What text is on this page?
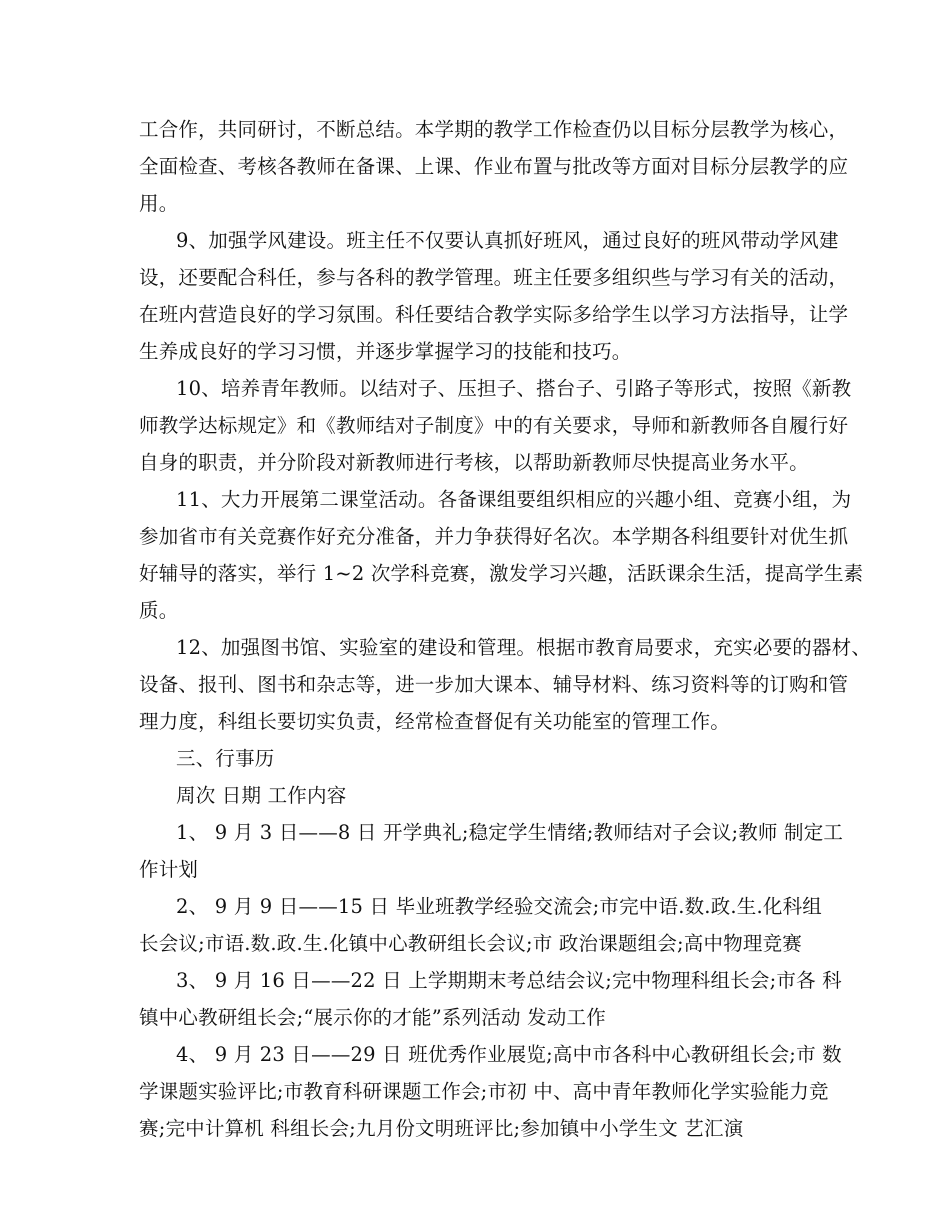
工合作，共同研讨，不断总结。本学期的教学工作检查仍以目标分层教学为核心，
全面检查、考核各教师在备课、上课、作业布置与批改等方面对目标分层教学的应
用。
9、加强学风建设。班主任不仅要认真抓好班风，通过良好的班风带动学风建
设，还要配合科任，参与各科的教学管理。班主任要多组织些与学习有关的活动，
在班内营造良好的学习氛围。科任要结合教学实际多给学生以学习方法指导，让学
生养成良好的学习习惯，并逐步掌握学习的技能和技巧。
10、培养青年教师。以结对子、压担子、搭台子、引路子等形式，按照《新教
师教学达标规定》和《教师结对子制度》中的有关要求，导师和新教师各自履行好
自身的职责，并分阶段对新教师进行考核，以帮助新教师尽快提高业务水平。
11、大力开展第二课堂活动。各备课组要组织相应的兴趣小组、竞赛小组，为
参加省市有关竞赛作好充分准备，并力争获得好名次。本学期各科组要针对优生抓
好辅导的落实，举行 1~2 次学科竞赛，激发学习兴趣，活跃课余生活，提高学生素
质。
12、加强图书馆、实验室的建设和管理。根据市教育局要求，充实必要的器材、
设备、报刊、图书和杂志等，进一步加大课本、辅导材料、练习资料等的订购和管
理力度，科组长要切实负责，经常检查督促有关功能室的管理工作。
三、行事历
周次 日期 工作内容
1、 9 月 3 日——8 日 开学典礼;稳定学生情绪;教师结对子会议;教师 制定工
作计划
2、 9 月 9 日——15 日 毕业班教学经验交流会;市完中语.数.政.生.化科组
长会议;市语.数.政.生.化镇中心教研组长会议;市 政治课题组会;高中物理竞赛
3、 9 月 16 日——22 日 上学期期末考总结会议;完中物理科组长会;市各 科
镇中心教研组长会;“展示你的才能”系列活动 发动工作
4、 9 月 23 日——29 日 班优秀作业展览;高中市各科中心教研组长会;市 数
学课题实验评比;市教育科研课题工作会;市初 中、高中青年教师化学实验能力竞
赛;完中计算机 科组长会;九月份文明班评比;参加镇中小学生文 艺汇演
